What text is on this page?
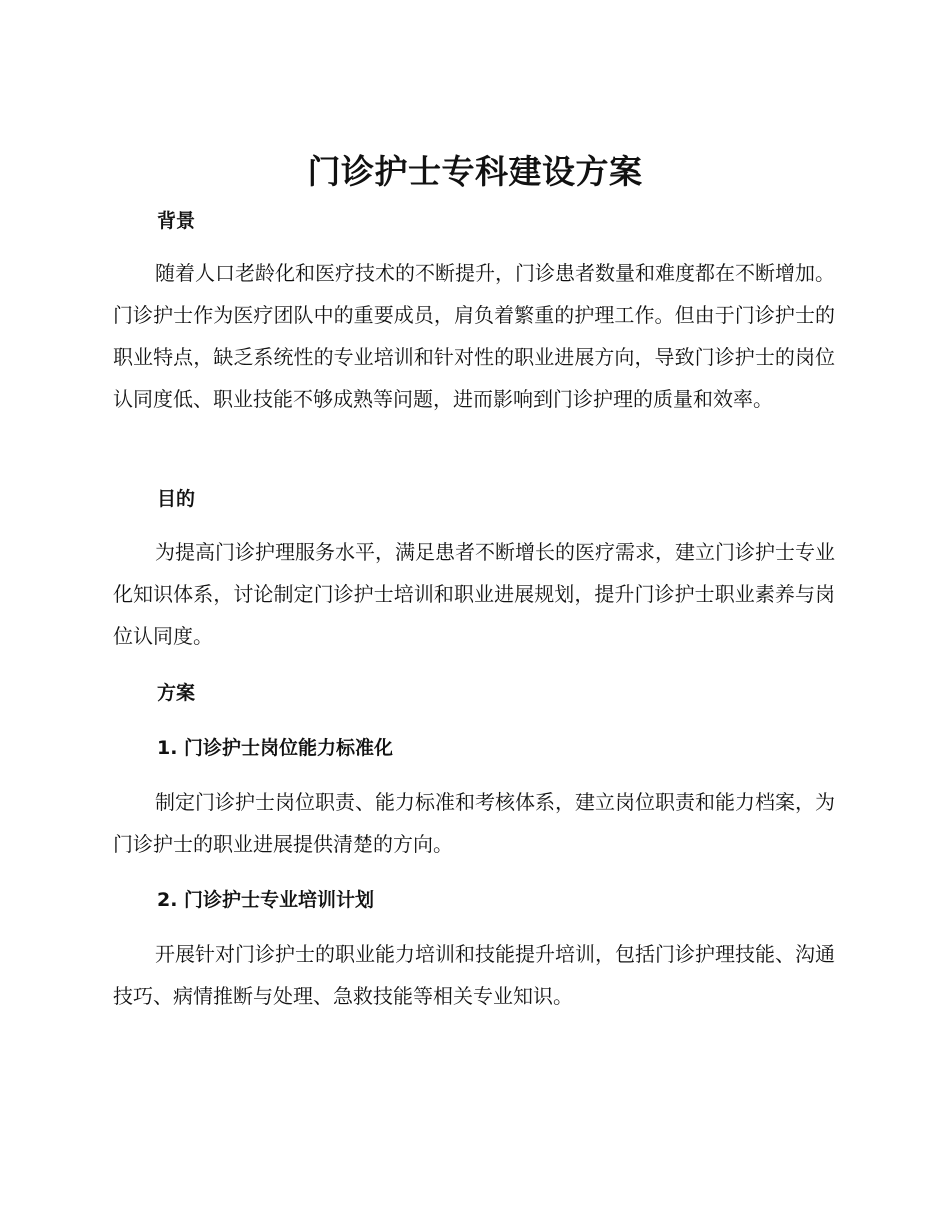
门诊护士专科建设方案
背景

随着人口老龄化和医疗技术的不断提升，门诊患者数量和难度都在不断增加。门诊护士作为医疗团队中的重要成员，肩负着繁重的护理工作。但由于门诊护士的职业特点，缺乏系统性的专业培训和针对性的职业进展方向，导致门诊护士的岗位认同度低、职业技能不够成熟等问题，进而影响到门诊护理的质量和效率。

目的

为提高门诊护理服务水平，满足患者不断增长的医疗需求，建立门诊护士专业化知识体系，讨论制定门诊护士培训和职业进展规划，提升门诊护士职业素养与岗位认同度。

方案
1. 门诊护士岗位能力标准化

制定门诊护士岗位职责、能力标准和考核体系，建立岗位职责和能力档案，为门诊护士的职业进展提供清楚的方向。

2. 门诊护士专业培训计划

开展针对门诊护士的职业能力培训和技能提升培训，包括门诊护理技能、沟通技巧、病情推断与处理、急救技能等相关专业知识。
